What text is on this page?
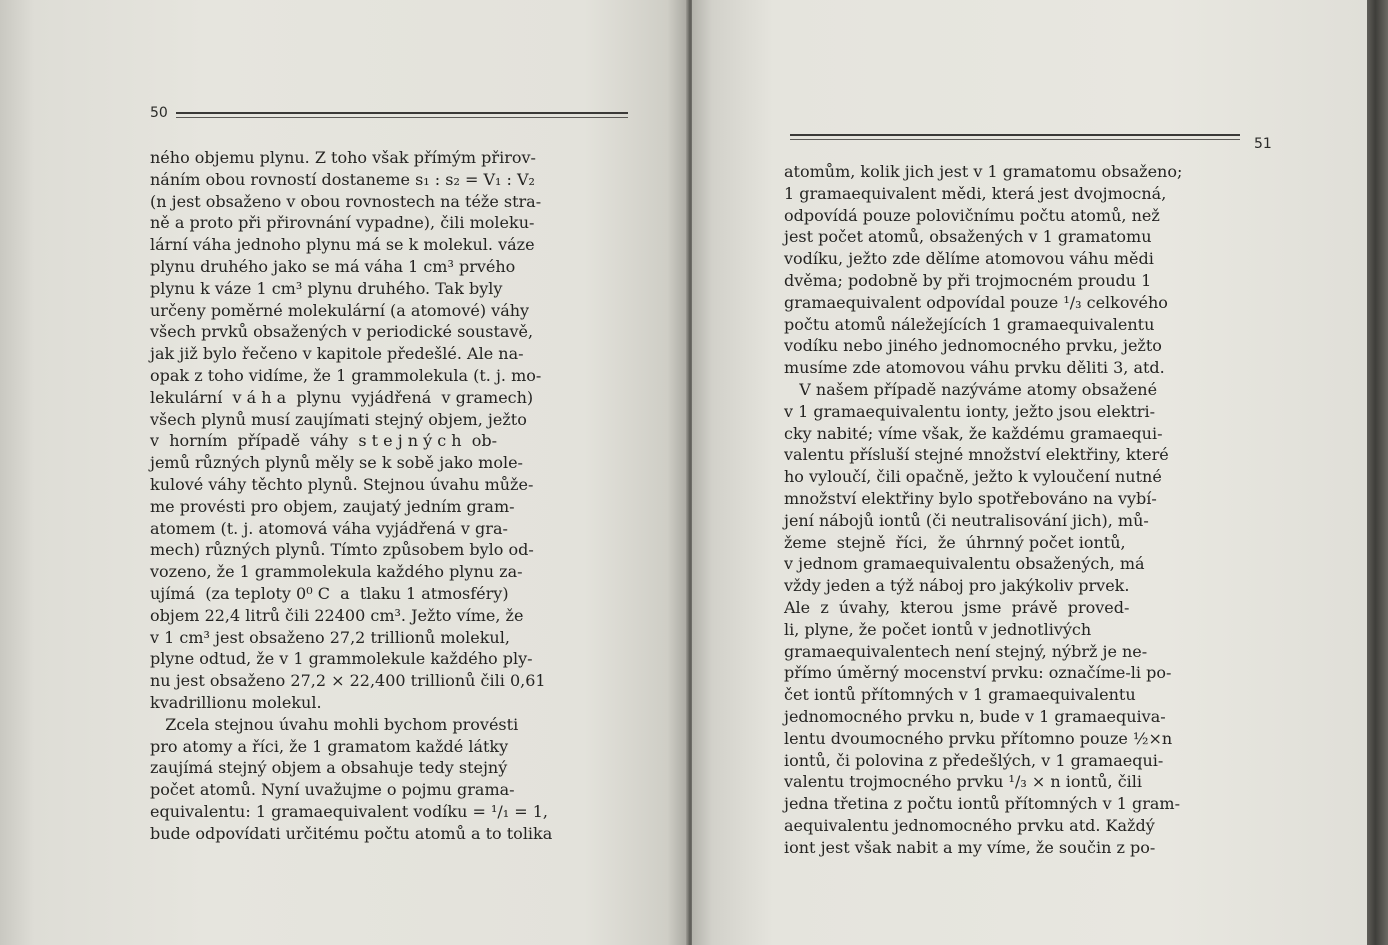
50
51
ného objemu plynu. Z toho však přímým přirov-
náním obou rovností dostaneme s₁ : s₂ = V₁ : V₂
(n jest obsaženo v obou rovnostech na téže stra-
ně a proto při přirovnání vypadne), čili moleku-
lární váha jednoho plynu má se k molekul. váze
plynu druhého jako se má váha 1 cm³ prvého
plynu k váze 1 cm³ plynu druhého. Tak byly
určeny poměrné molekulární (a atomové) váhy
všech prvků obsažených v periodické soustavě,
jak již bylo řečeno v kapitole předešlé. Ale na-
opak z toho vidíme, že 1 grammolekula (t. j. mo-
lekulární  v á h a  plynu  vyjádřená  v gramech)
všech plynů musí zaujímati stejný objem, ježto
v  horním  případě  váhy  s t e j n ý c h  ob-
jemů různých plynů měly se k sobě jako mole-
kulové váhy těchto plynů. Stejnou úvahu může-
me provésti pro objem, zaujatý jedním gram-
atomem (t. j. atomová váha vyjádřená v gra-
mech) různých plynů. Tímto způsobem bylo od-
vozeno, že 1 grammolekula každého plynu za-
ujímá  (za teploty 0⁰ C  a  tlaku 1 atmosféry)
objem 22,4 litrů čili 22400 cm³. Ježto víme, že
v 1 cm³ jest obsaženo 27,2 trillionů molekul,
plyne odtud, že v 1 grammolekule každého ply-
nu jest obsaženo 27,2 × 22,400 trillionů čili 0,61
kvadrillionu molekul.
Zcela stejnou úvahu mohli bychom provésti
pro atomy a říci, že 1 gramatom každé látky
zaujímá stejný objem a obsahuje tedy stejný
počet atomů. Nyní uvažujme o pojmu grama-
equivalentu: 1 gramaequivalent vodíku = ¹/₁ = 1,
bude odpovídati určitému počtu atomů a to tolika
atomům, kolik jich jest v 1 gramatomu obsaženo;
1 gramaequivalent mědi, která jest dvojmocná,
odpovídá pouze polovičnímu počtu atomů, než
jest počet atomů, obsažených v 1 gramatomu
vodíku, ježto zde dělíme atomovou váhu mědi
dvěma; podobně by při trojmocném proudu 1
gramaequivalent odpovídal pouze ¹/₃ celkového
počtu atomů náležejících 1 gramaequivalentu
vodíku nebo jiného jednomocného prvku, ježto
musíme zde atomovou váhu prvku děliti 3, atd.
V našem případě nazýváme atomy obsažené
v 1 gramaequivalentu ionty, ježto jsou elektri-
cky nabité; víme však, že každému gramaequi-
valentu přísluší stejné množství elektřiny, které
ho vyloučí, čili opačně, ježto k vyloučení nutné
množství elektřiny bylo spotřebováno na vybí-
jení nábojů iontů (či neutralisování jich), mů-
žeme  stejně  říci,  že  úhrnný počet iontů,
v jednom gramaequivalentu obsažených, má
vždy jeden a týž náboj pro jakýkoliv prvek.
Ale  z  úvahy,  kterou  jsme  právě  proved-
li, plyne, že počet iontů v jednotlivých
gramaequivalentech není stejný, nýbrž je ne-
přímo úměrný mocenství prvku: označíme-li po-
čet iontů přítomných v 1 gramaequivalentu
jednomocného prvku n, bude v 1 gramaequiva-
lentu dvoumocného prvku přítomno pouze ½×n
iontů, či polovina z předešlých, v 1 gramaequi-
valentu trojmocného prvku ¹/₃ × n iontů, čili
jedna třetina z počtu iontů přítomných v 1 gram-
aequivalentu jednomocného prvku atd. Každý
iont jest však nabit a my víme, že součin z po-
